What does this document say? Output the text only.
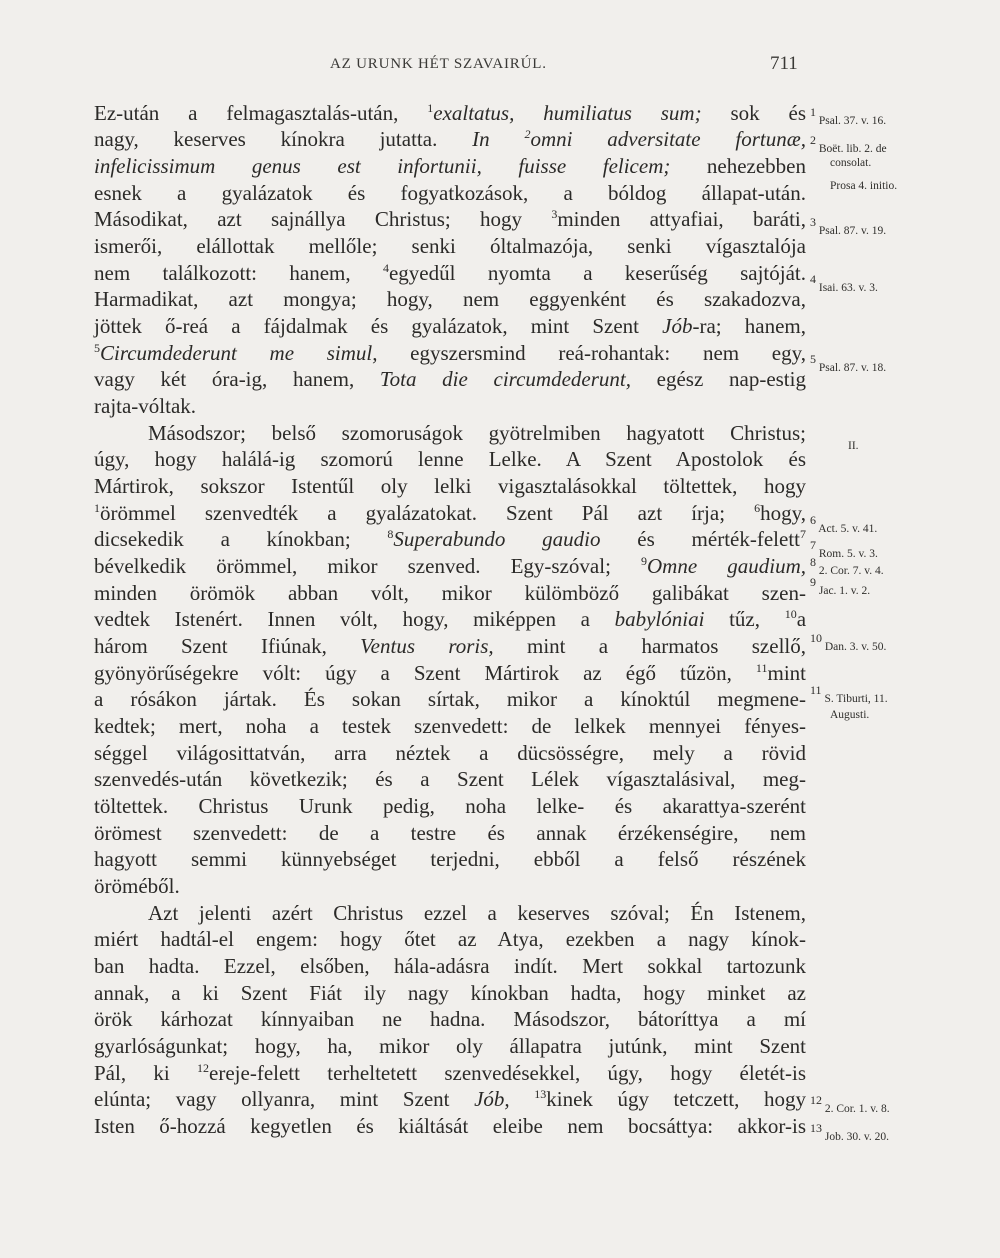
AZ URUNK HÉT SZAVAIRÚL.	711
Ez-után a felmagasztalás-után, $^1$exaltatus, humiliatus sum; sok és
nagy, keserves kínokra jutatta. In $^2$omni adversitate fortunæ,
infelicissimum genus est infortunii, fuisse felicem; nehezebben
esnek a gyalázatok és fogyatkozások, a bóldog állapat-után.
Másodikat, azt sajnállya Christus; hogy $^3$minden attyafiai, baráti,
ismerői, elállottak mellőle; senki óltalmazója, senki vígasztalója
nem találkozott: hanem, $^4$egyedűl nyomta a keserűség sajtóját.
Harmadikat, azt mongya; hogy, nem eggyenként és szakadozva,
jöttek ő-reá a fájdalmak és gyalázatok, mint Szent Jób-ra; hanem,
$^5$Circumdederunt me simul, egyszersmind reá-rohantak: nem egy,
vagy két óra-ig, hanem, Tota die circumdederunt, egész nap-estig
rajta-vóltak.
Másodszor; belső szomoruságok gyötrelmiben hagyatott Christus;
úgy, hogy halálá-ig szomorú lenne Lelke. A Szent Apostolok és
Mártirok, sokszor Istentűl oly lelki vigasztalásokkal töltettek, hogy
$^1$örömmel szenvedték a gyalázatokat. Szent Pál azt írja; $^6$hogy,
dicsekedik a kínokban; $^8$Superabundo gaudio és mérték-felett$^7$
bévelkedik örömmel, mikor szenved. Egy-szóval; $^9$Omne gaudium,
minden örömök abban vólt, mikor külömböző galibákat szen-
vedtek Istenért. Innen vólt, hogy, miképpen a babylóniai tűz, $^{10}$a
három Szent Ifiúnak, Ventus roris, mint a harmatos szellő,
gyönyörűségekre vólt: úgy a Szent Mártirok az égő tűzön, $^{11}$mint
a rósákon jártak. És sokan sírtak, mikor a kínoktúl megmene-
kedtek; mert, noha a testek szenvedett: de lelkek mennyei fényes-
séggel világosittatván, arra néztek a dücsösségre, mely a rövid
szenvedés-után következik; és a Szent Lélek vígasztalásival, meg-
töltettek. Christus Urunk pedig, noha lelke- és akarattya-szerént
örömest szenvedett: de a testre és annak érzékenségire, nem
hagyott semmi künnyebséget terjedni, ebből a felső részének
öröméből.
Azt jelenti azért Christus ezzel a keserves szóval; Én Istenem,
miért hadtál-el engem: hogy őtet az Atya, ezekben a nagy kínok-
ban hadta. Ezzel, elsőben, hála-adásra indít. Mert sokkal tartozunk
annak, a ki Szent Fiát ily nagy kínokban hadta, hogy minket az
örök kárhozat kínnyaiban ne hadna. Másodszor, bátoríttya a mí
gyarlóságunkat; hogy, ha, mikor oly állapatra jutúnk, mint Szent
Pál, ki $^{12}$ereje-felett terheltetett szenvedésekkel, úgy, hogy életét-is
elúnta; vagy ollyanra, mint Szent Jób, $^{13}$kinek úgy tetczett, hogy
Isten ő-hozzá kegyetlen és kiáltását eleibe nem bocsáttya: akkor-is
$^1$ Psal. 37. v. 16.
$^2$ Boët. lib. 2. de
consolat.
Prosa 4. initio.
$^3$ Psal. 87. v. 19.
$^4$ Isai. 63. v. 3.
$^5$ Psal. 87. v. 18.
II.
$^6$ Act. 5. v. 41.
$^7$ Rom. 5. v. 3.
$^8$ 2. Cor. 7. v. 4.
$^9$ Jac. 1. v. 2.
$^{10}$ Dan. 3. v. 50.
$^{11}$ S. Tiburti, 11.
Augusti.
$^{12}$ 2. Cor. 1. v. 8.
$^{13}$ Job. 30. v. 20.
